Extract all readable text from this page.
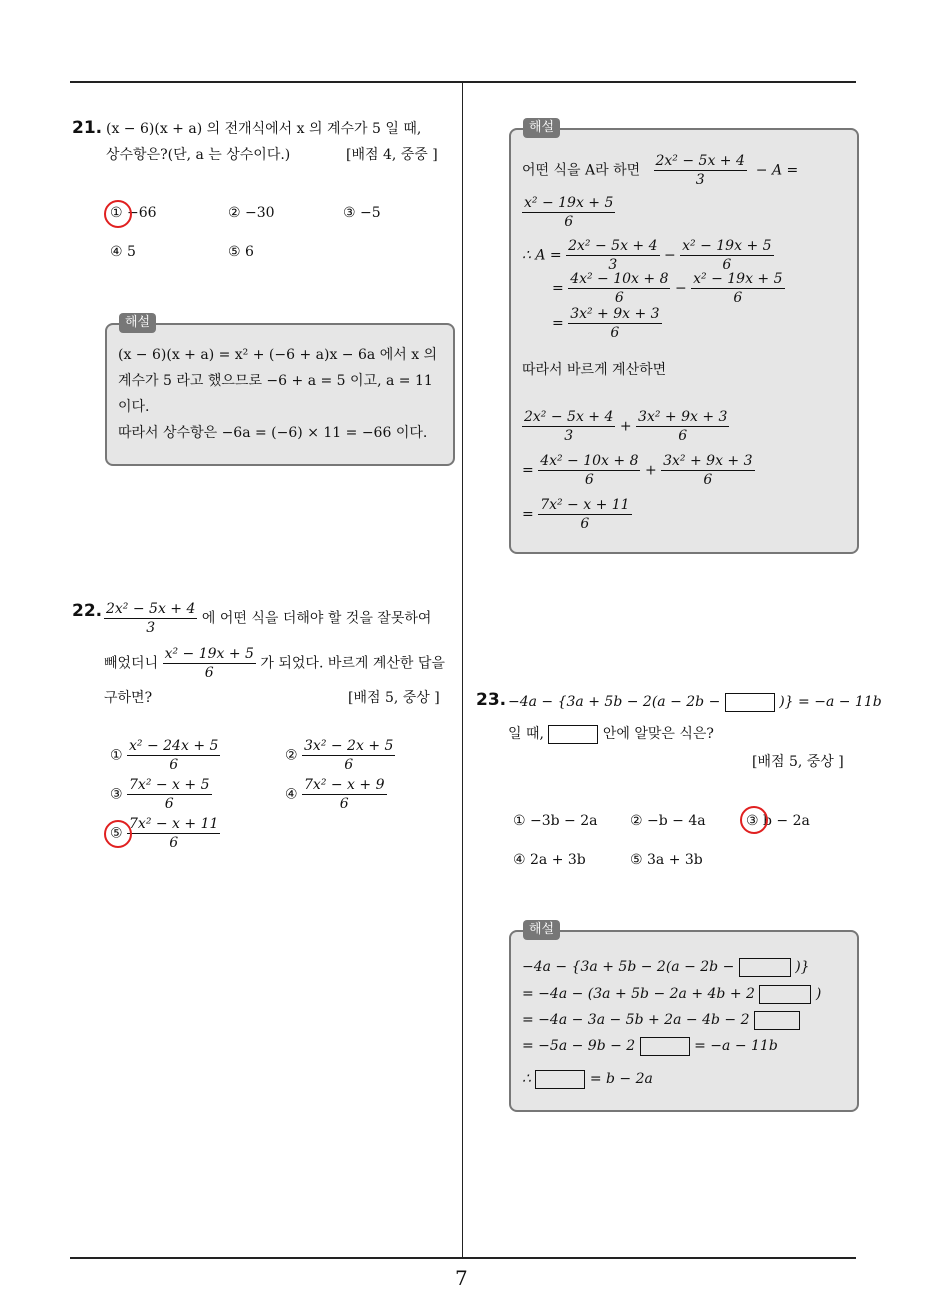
7
21. (x − 6)(x + a) 의 전개식에서 x 의 계수가 5 일 때,
상수항은?(단, a 는 상수이다.)	[배점 4, 중중 ]
① −66	② −30	③ −5
④ 5	⑤ 6
해설
(x − 6)(x + a) = x² + (−6 + a)x − 6a 에서 x 의
계수가 5 라고 했으므로 −6 + a = 5 이고, a = 11
이다.
따라서 상수항은 −6a = (−6) × 11 = −66 이다.
22. $\frac{\text{2x² − 5x + 4}}{3}$ 에 어떤 식을 더해야 할 것을 잘못하여
빼었더니 $\frac{\text{x² − 19x + 5}}{6}$ 가 되었다. 바르게 계산한 답을
구하면?	[배점 5, 중상 ]
① $\frac{\text{x² − 24x + 5}}{6}$	② $\frac{\text{3x² − 2x + 5}}{6}$
③ $\frac{\text{7x² − x + 5}}{6}$	④ $\frac{\text{7x² − x + 9}}{6}$
⑤ $\frac{\text{7x² − x + 11}}{6}$
해설
어떤 식을 A라 하면 $\frac{\text{2x² − 5x + 4}}{3} - A$ =
$\frac{\text{x² − 19x + 5}}{6}$
∴ $A = \frac{\text{2x² − 5x + 4}}{3} - \frac{\text{x² − 19x + 5}}{6}$
= $\frac{\text{4x² − 10x + 8}}{6} - \frac{\text{x² − 19x + 5}}{6}$
= $\frac{\text{3x² + 9x + 3}}{6}$
따라서 바르게 계산하면
$\frac{\text{2x² − 5x + 4}}{3} + \frac{\text{3x² + 9x + 3}}{6}$
= $\frac{\text{4x² − 10x + 8}}{6} + \frac{\text{3x² + 9x + 3}}{6}$
= $\frac{\text{7x² − x + 11}}{6}$
23. −4a − {3a + 5b − 2(a − 2b −	)} = −a − 11b
일 때,	안에 알맞은 식은?
[배점 5, 중상 ]
① −3b − 2a ② −b − 4a	③ b − 2a
④ 2a + 3b	⑤ 3a + 3b
해설
−4a − {3a + 5b − 2(a − 2b −	)}
= −4a − (3a + 5b − 2a + 4b + 2	)
= −4a − 3a − 5b + 2a − 4b − 2
= −5a − 9b − 2	= −a − 11b
∴	= b − 2a
